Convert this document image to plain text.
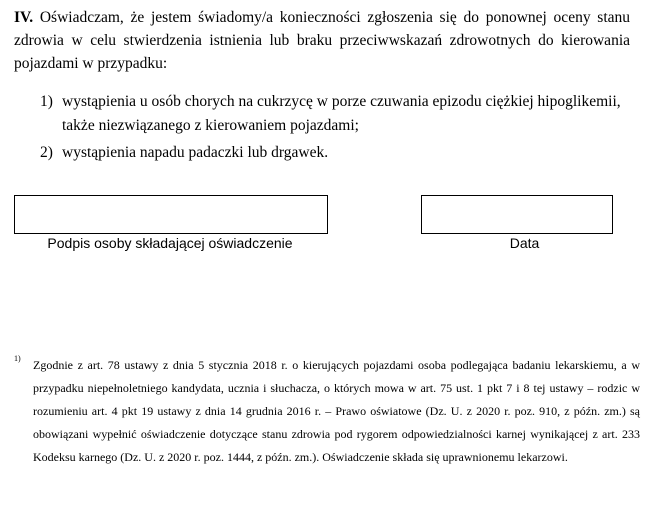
IV. Oświadczam, że jestem świadomy/a konieczności zgłoszenia się do ponownej oceny stanu zdrowia w celu stwierdzenia istnienia lub braku przeciwwskazań zdrowotnych do kierowania pojazdami w przypadku:
1) wystąpienia u osób chorych na cukrzycę w porze czuwania epizodu ciężkiej hipoglikemii,
także niezwiązanego z kierowaniem pojazdami;
2) wystąpienia napadu padaczki lub drgawek.
Podpis osoby składającej oświadczenie	Data
1) Zgodnie z art. 78 ustawy z dnia 5 stycznia 2018 r. o kierujących pojazdami osoba podlegająca badaniu lekarskiemu, a w przypadku niepełnoletniego kandydata, ucznia i słuchacza, o których mowa w art. 75 ust. 1 pkt 7 i 8 tej ustawy – rodzic w rozumieniu art. 4 pkt 19 ustawy z dnia 14 grudnia 2016 r. – Prawo oświatowe (Dz. U. z 2020 r. poz. 910, z późn. zm.) są obowiązani wypełnić oświadczenie dotyczące stanu zdrowia pod rygorem odpowiedzialności karnej wynikającej z art. 233 Kodeksu karnego (Dz. U. z 2020 r. poz. 1444, z późn. zm.). Oświadczenie składa się uprawnionemu lekarzowi.
